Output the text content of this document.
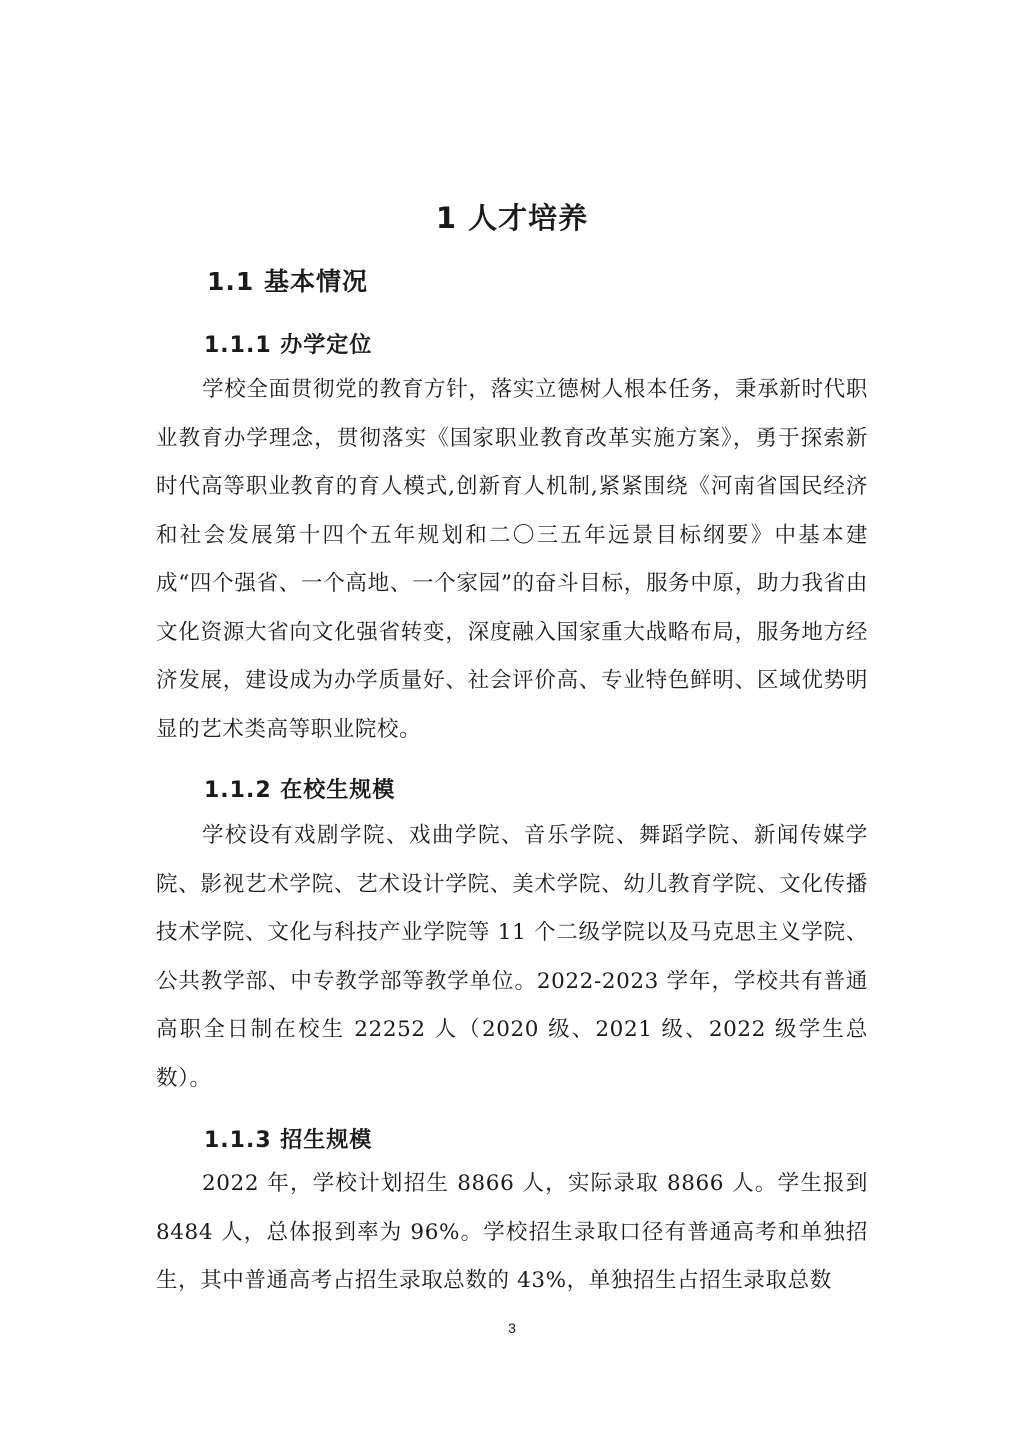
1 人才培养
1.1 基本情况
1.1.1 办学定位

学校全面贯彻党的教育方针，落实立德树人根本任务，秉承新时代职业教育办学理念，贯彻落实《国家职业教育改革实施方案》，勇于探索新时代高等职业教育的育人模式,创新育人机制,紧紧围绕《河南省国民经济和社会发展第十四个五年规划和二〇三五年远景目标纲要》中基本建成“四个强省、一个高地、一个家园”的奋斗目标，服务中原，助力我省由文化资源大省向文化强省转变，深度融入国家重大战略布局，服务地方经济发展，建设成为办学质量好、社会评价高、专业特色鲜明、区域优势明显的艺术类高等职业院校。

1.1.2 在校生规模

学校设有戏剧学院、戏曲学院、音乐学院、舞蹈学院、新闻传媒学院、影视艺术学院、艺术设计学院、美术学院、幼儿教育学院、文化传播技术学院、文化与科技产业学院等 11 个二级学院以及马克思主义学院、公共教学部、中专教学部等教学单位。2022-2023 学年，学校共有普通高职全日制在校生 22252 人（2020 级、2021 级、2022 级学生总数）。

1.1.3 招生规模

2022 年，学校计划招生 8866 人，实际录取 8866 人。学生报到 8484 人，总体报到率为 96%。学校招生录取口径有普通高考和单独招生，其中普通高考占招生录取总数的 43%，单独招生占招生录取总数

3
